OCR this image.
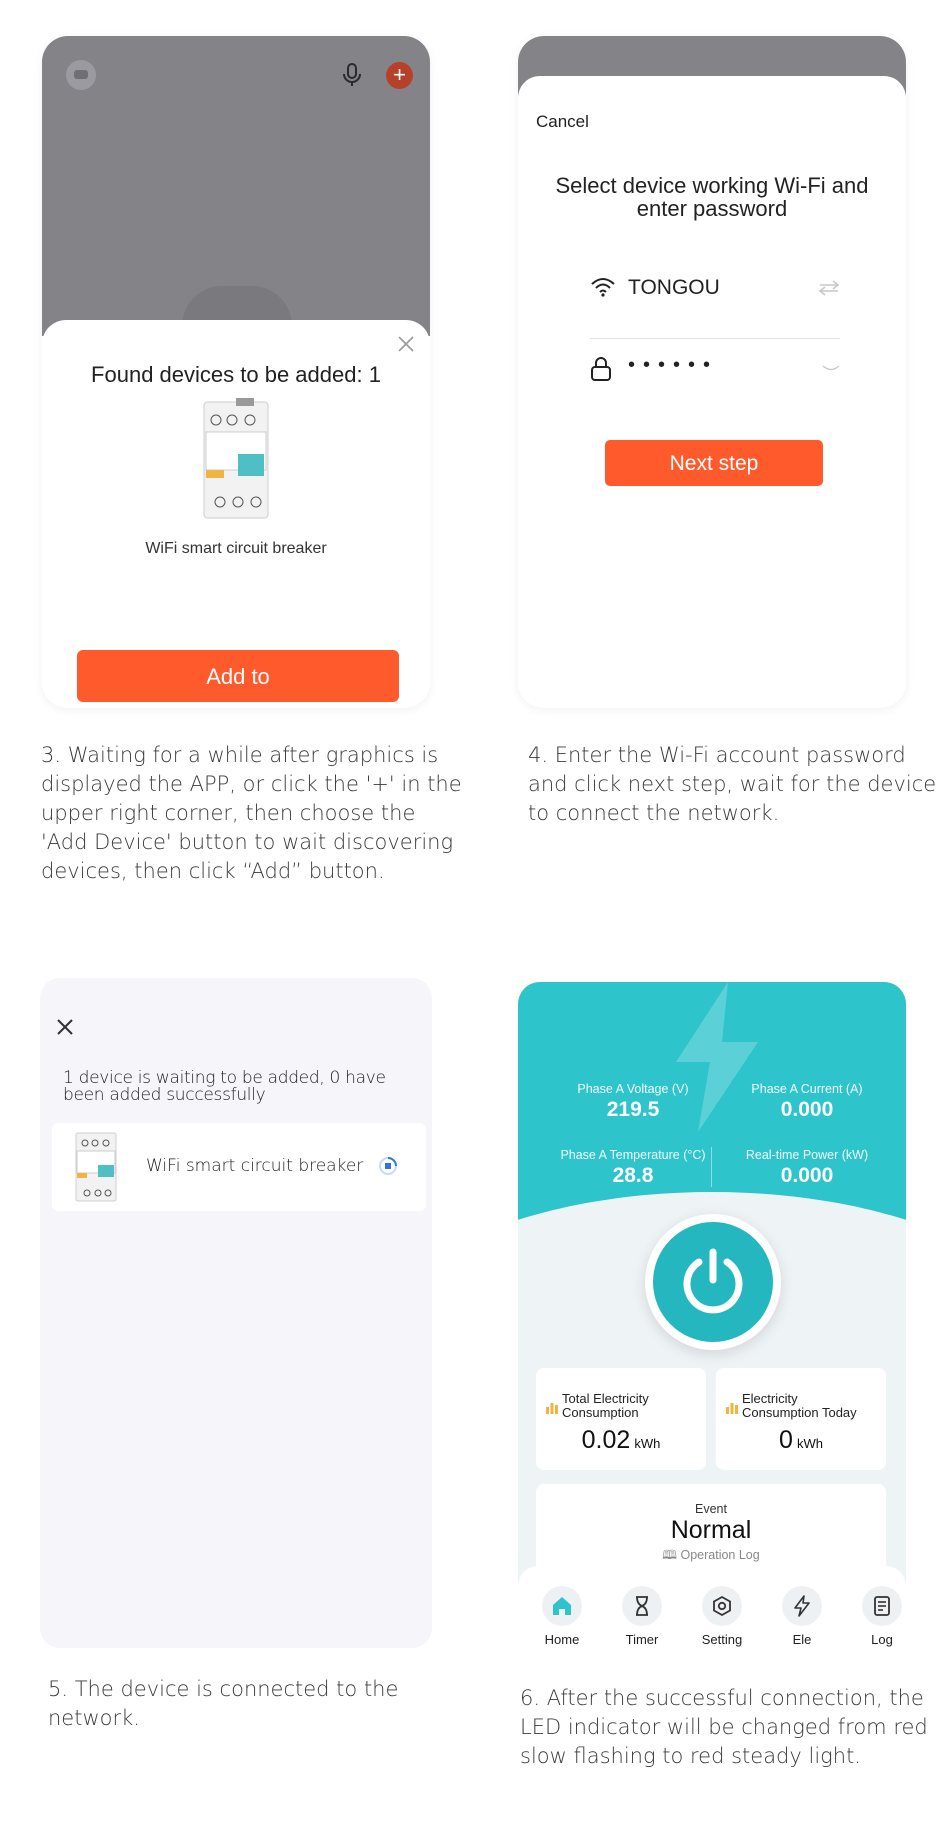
+
Found devices to be added: 1
WiFi smart circuit breaker
Add to

3. Waiting for a while after graphics is displayed the APP, or click the '+' in the upper right corner, then choose the 'Add Device' button to wait discovering devices, then click “Add” button.

Cancel
Select device working Wi-Fi and enter password
TONGOU
••••••
Next step

4. Enter the Wi-Fi account password and click next step, wait for the device to connect the network.

1 device is waiting to be added, 0 have been added successfully
WiFi smart circuit breaker

5. The device is connected to the network.

Phase A Voltage (V)
219.5
Phase A Current (A)
0.000
Phase A Temperature (°C)
28.8
Real-time Power (kW)
0.000
Total Electricity
Consumption
0.02 kWh
Electricity
Consumption Today
0 kWh
Event
Normal
🕮 Operation Log
Home	Timer	Setting	Ele	Log

6. After the successful connection, the LED indicator will be changed from red slow flashing to red steady light.
